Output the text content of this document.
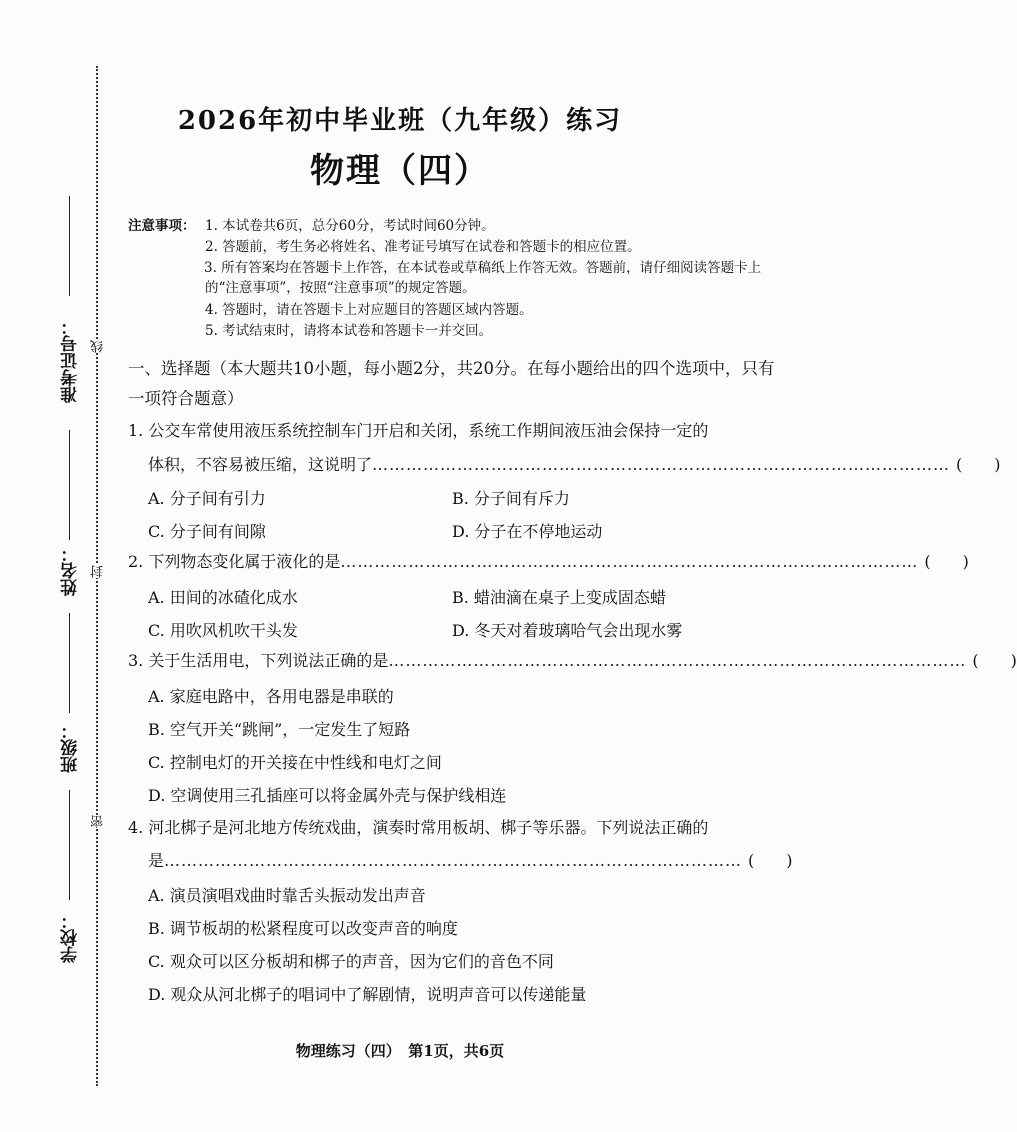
线
封
密
准考证号：
姓名：
班级：
学校：
2026年初中毕业班（九年级）练习
物理（四）
注意事项： 1. 本试卷共6页，总分60分，考试时间60分钟。
2. 答题前，考生务必将姓名、准考证号填写在试卷和答题卡的相应位置。
3. 所有答案均在答题卡上作答，在本试卷或草稿纸上作答无效。答题前，请仔细阅读答题卡上的“注意事项”，按照“注意事项”的规定答题。
4. 答题时，请在答题卡上对应题目的答题区域内答题。
5. 考试结束时，请将本试卷和答题卡一并交回。
一、选择题（本大题共10小题，每小题2分，共20分。在每小题给出的四个选项中，只有一项符合题意）
1. 公交车常使用液压系统控制车门开启和关闭，系统工作期间液压油会保持一定的
体积，不容易被压缩，这说明了 ………………………………………………………………………………………… (　　)
A. 分子间有引力	B. 分子间有斥力
C. 分子间有间隙	D. 分子在不停地运动
2. 下列物态变化属于液化的是 ………………………………………………………………………………………… (　　)
A. 田间的冰碴化成水	B. 蜡油滴在桌子上变成固态蜡
C. 用吹风机吹干头发	D. 冬天对着玻璃哈气会出现水雾
3. 关于生活用电，下列说法正确的是 ………………………………………………………………………………………… (　　)
A. 家庭电路中，各用电器是串联的
B. 空气开关“跳闸”，一定发生了短路
C. 控制电灯的开关接在中性线和电灯之间
D. 空调使用三孔插座可以将金属外壳与保护线相连
4. 河北梆子是河北地方传统戏曲，演奏时常用板胡、梆子等乐器。下列说法正确的
是 ………………………………………………………………………………………… (　　)
A. 演员演唱戏曲时靠舌头振动发出声音
B. 调节板胡的松紧程度可以改变声音的响度
C. 观众可以区分板胡和梆子的声音，因为它们的音色不同
D. 观众从河北梆子的唱词中了解剧情，说明声音可以传递能量
物理练习（四）　第1页，共6页
